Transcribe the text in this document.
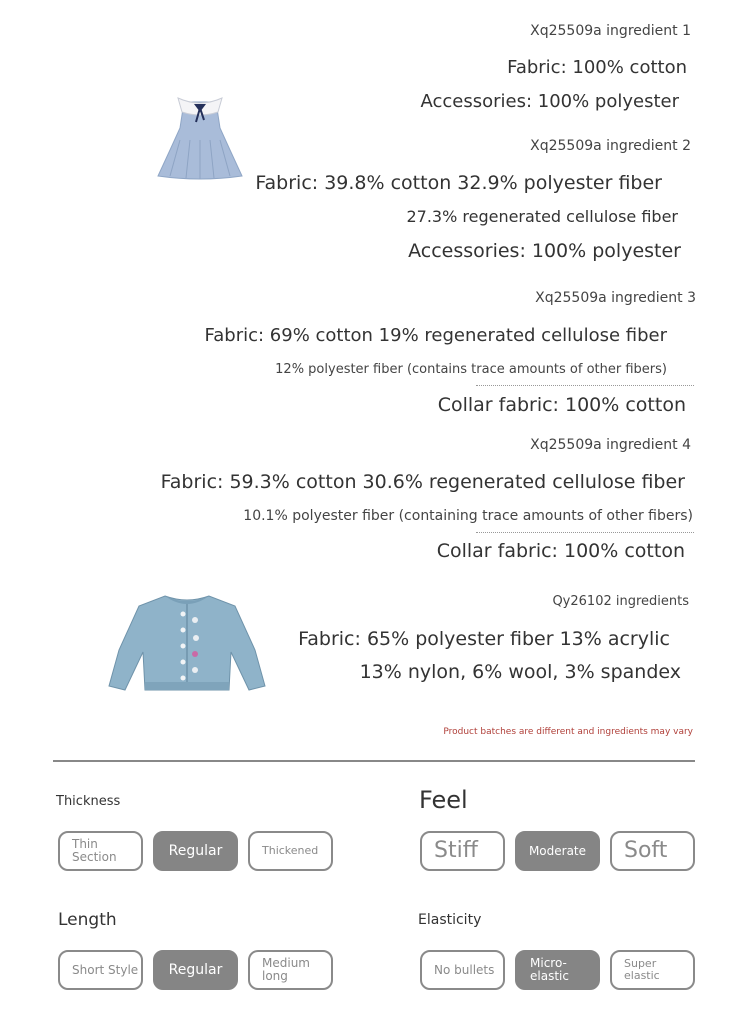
Xq25509a ingredient 1
Fabric: 100% cotton
Accessories: 100% polyester
Xq25509a ingredient 2
Fabric: 39.8% cotton 32.9% polyester fiber
27.3% regenerated cellulose fiber
Accessories: 100% polyester
Xq25509a ingredient 3
Fabric: 69% cotton 19% regenerated cellulose fiber
12% polyester fiber (contains trace amounts of other fibers)
Collar fabric: 100% cotton
Xq25509a ingredient 4
Fabric: 59.3% cotton 30.6% regenerated cellulose fiber
10.1% polyester fiber (containing trace amounts of other fibers)
Collar fabric: 100% cotton
Qy26102 ingredients
Fabric: 65% polyester fiber 13% acrylic
13% nylon, 6% wool, 3% spandex
Product batches are different and ingredients may vary
Thickness
Thin Section	Regular	Thickened
Feel
Stiff	Moderate Soft
Length
Short Style Regular	Medium long
Elasticity
No bullets	Micro-elastic
Super elastic
